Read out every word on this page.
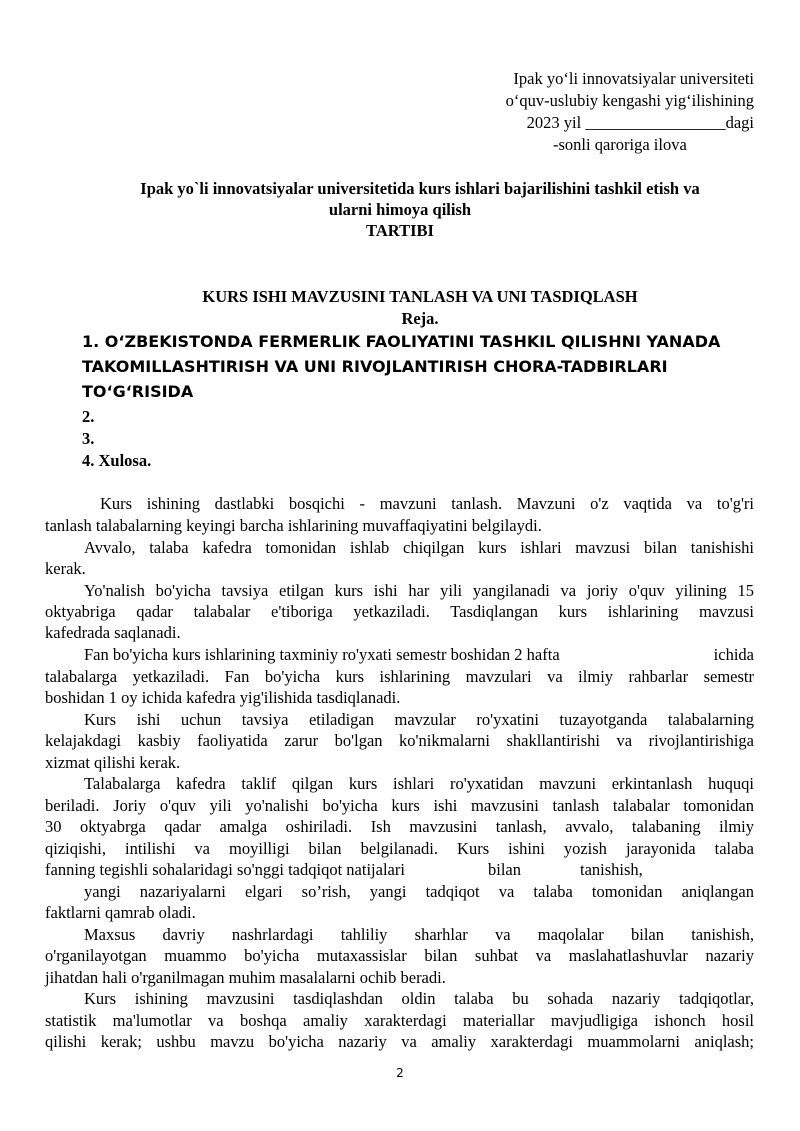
Ipak yo‘li innovatsiyalar universiteti
o‘quv-uslubiy kengashi yig‘ilishining
2023 yil _________________dagi
-sonli qaroriga ilova
Ipak yo`li innovatsiyalar universitetida kurs ishlari bajarilishini tashkil etish va
ularni himoya qilish
TARTIBI
KURS ISHI MAVZUSINI TANLASH VA UNI TASDIQLASH
Reja.
1. O‘ZBEKISTONDA FERMERLIK FAOLIYATINI TASHKIL QILISHNI YANADA
TAKOMILLASHTIRISH VA UNI RIVOJLANTIRISH CHORA-TADBIRLARI
TO‘G‘RISIDA
2.
3.
4. Xulosa.
Kurs ishining dastlabki bosqichi - mavzuni tanlash. Mavzuni o'z vaqtida va to'g'ri
tanlash talabalarning keyingi barcha ishlarining muvaffaqiyatini belgilaydi.
Avvalo, talaba kafedra tomonidan ishlab chiqilgan kurs ishlari mavzusi bilan tanishishi
kerak.
Yo'nalish bo'yicha tavsiya etilgan kurs ishi har yili yangilanadi va joriy o'quv yilining 15
oktyabriga qadar talabalar e'tiboriga yetkaziladi. Tasdiqlangan kurs ishlarining mavzusi
kafedrada saqlanadi.
Fan bo'yicha kurs ishlarining taxminiy ro'yxati semestr boshidan 2 hafta	ichida
talabalarga yetkaziladi. Fan bo'yicha kurs ishlarining mavzulari va ilmiy rahbarlar semestr
boshidan 1 oy ichida kafedra yig'ilishida tasdiqlanadi.
Kurs ishi uchun tavsiya etiladigan mavzular ro'yxatini tuzayotganda talabalarning
kelajakdagi kasbiy faoliyatida zarur bo'lgan ko'nikmalarni shakllantirishi va rivojlantirishiga
xizmat qilishi kerak.
Talabalarga kafedra taklif qilgan kurs ishlari ro'yxatidan mavzuni erkintanlash huquqi
beriladi. Joriy o'quv yili yo'nalishi bo'yicha kurs ishi mavzusini tanlash talabalar tomonidan
30 oktyabrga qadar amalga oshiriladi. Ish mavzusini tanlash, avvalo, talabaning ilmiy
qiziqishi, intilishi va moyilligi bilan belgilanadi. Kurs ishini yozish jarayonida talaba
fanning tegishli sohalaridagi so'nggi tadqiqot natijalari	bilan	tanishish,
yangi nazariyalarni elgari so’rish, yangi tadqiqot va talaba tomonidan aniqlangan
faktlarni qamrab oladi.
Maxsus davriy nashrlardagi tahliliy sharhlar va maqolalar bilan tanishish,
o'rganilayotgan muammo bo'yicha mutaxassislar bilan suhbat va maslahatlashuvlar nazariy
jihatdan hali o'rganilmagan muhim masalalarni ochib beradi.
Kurs ishining mavzusini tasdiqlashdan oldin talaba bu sohada nazariy tadqiqotlar,
statistik ma'lumotlar va boshqa amaliy xarakterdagi materiallar mavjudligiga ishonch hosil
qilishi kerak; ushbu mavzu bo'yicha nazariy va amaliy xarakterdagi muammolarni aniqlash;
2
